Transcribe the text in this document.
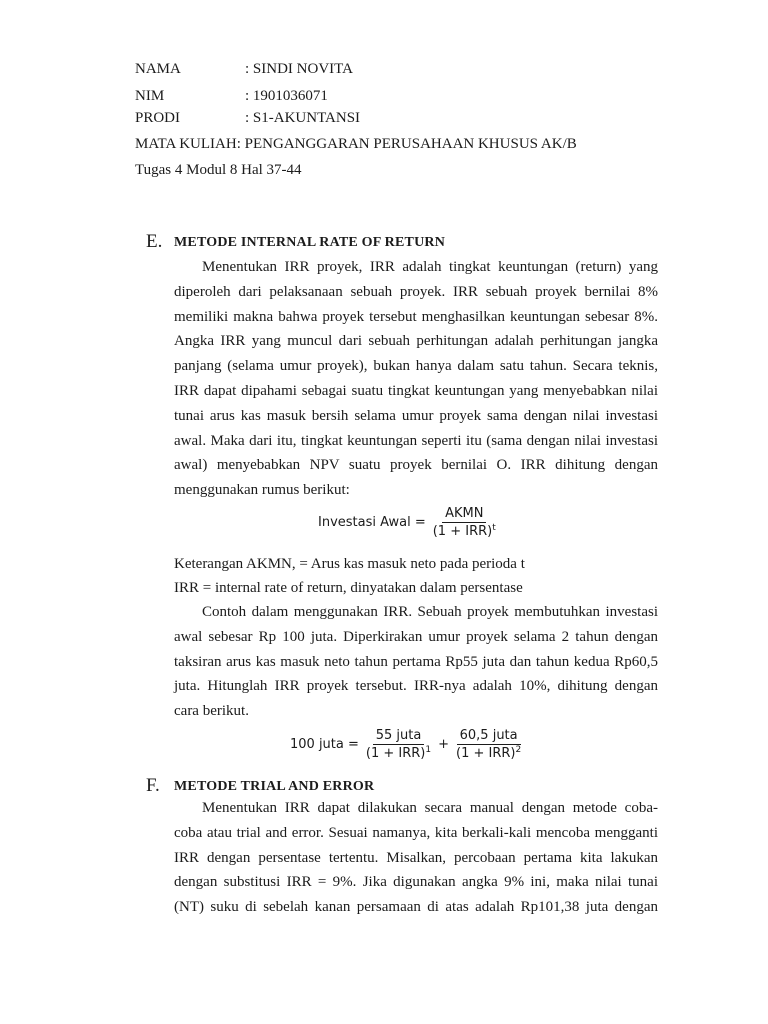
NAMA	: SINDI NOVITA
NIM	: 1901036071
PRODI	: S1-AKUNTANSI
MATA KULIAH: PENGANGGARAN PERUSAHAAN KHUSUS AK/B
Tugas 4 Modul 8 Hal 37-44
E. METODE INTERNAL RATE OF RETURN
Menentukan IRR proyek, IRR adalah tingkat keuntungan (return) yang
diperoleh dari pelaksanaan sebuah proyek. IRR sebuah proyek bernilai 8%
memiliki makna bahwa proyek tersebut menghasilkan keuntungan sebesar 8%.
Angka IRR yang muncul dari sebuah perhitungan adalah perhitungan jangka
panjang (selama umur proyek), bukan hanya dalam satu tahun. Secara teknis,
IRR dapat dipahami sebagai suatu tingkat keuntungan yang menyebabkan nilai
tunai arus kas masuk bersih selama umur proyek sama dengan nilai investasi
awal. Maka dari itu, tingkat keuntungan seperti itu (sama dengan nilai investasi
awal) menyebabkan NPV suatu proyek bernilai O. IRR dihitung dengan
menggunakan rumus berikut:
Investasi Awal = $\frac{\text{AKMN}}{(1 + IRR)^t}$
Keterangan AKMN, = Arus kas masuk neto pada perioda t
IRR = internal rate of return, dinyatakan dalam persentase
Contoh dalam menggunakan IRR. Sebuah proyek membutuhkan investasi
awal sebesar Rp 100 juta. Diperkirakan umur proyek selama 2 tahun dengan
taksiran arus kas masuk neto tahun pertama Rp55 juta dan tahun kedua Rp60,5
juta. Hitunglah IRR proyek tersebut. IRR-nya adalah 10%, dihitung dengan
cara berikut.
100 juta = $\frac{\text{55 juta}}{(1 + IRR)^1} + \frac{\text{60,5 juta}}{(1 + IRR)^2}$
F. METODE TRIAL AND ERROR
Menentukan IRR dapat dilakukan secara manual dengan metode coba-
coba atau trial and error. Sesuai namanya, kita berkali-kali mencoba mengganti
IRR dengan persentase tertentu. Misalkan, percobaan pertama kita lakukan
dengan substitusi IRR = 9%. Jika digunakan angka 9% ini, maka nilai tunai
(NT) suku di sebelah kanan persamaan di atas adalah Rp101,38 juta dengan
